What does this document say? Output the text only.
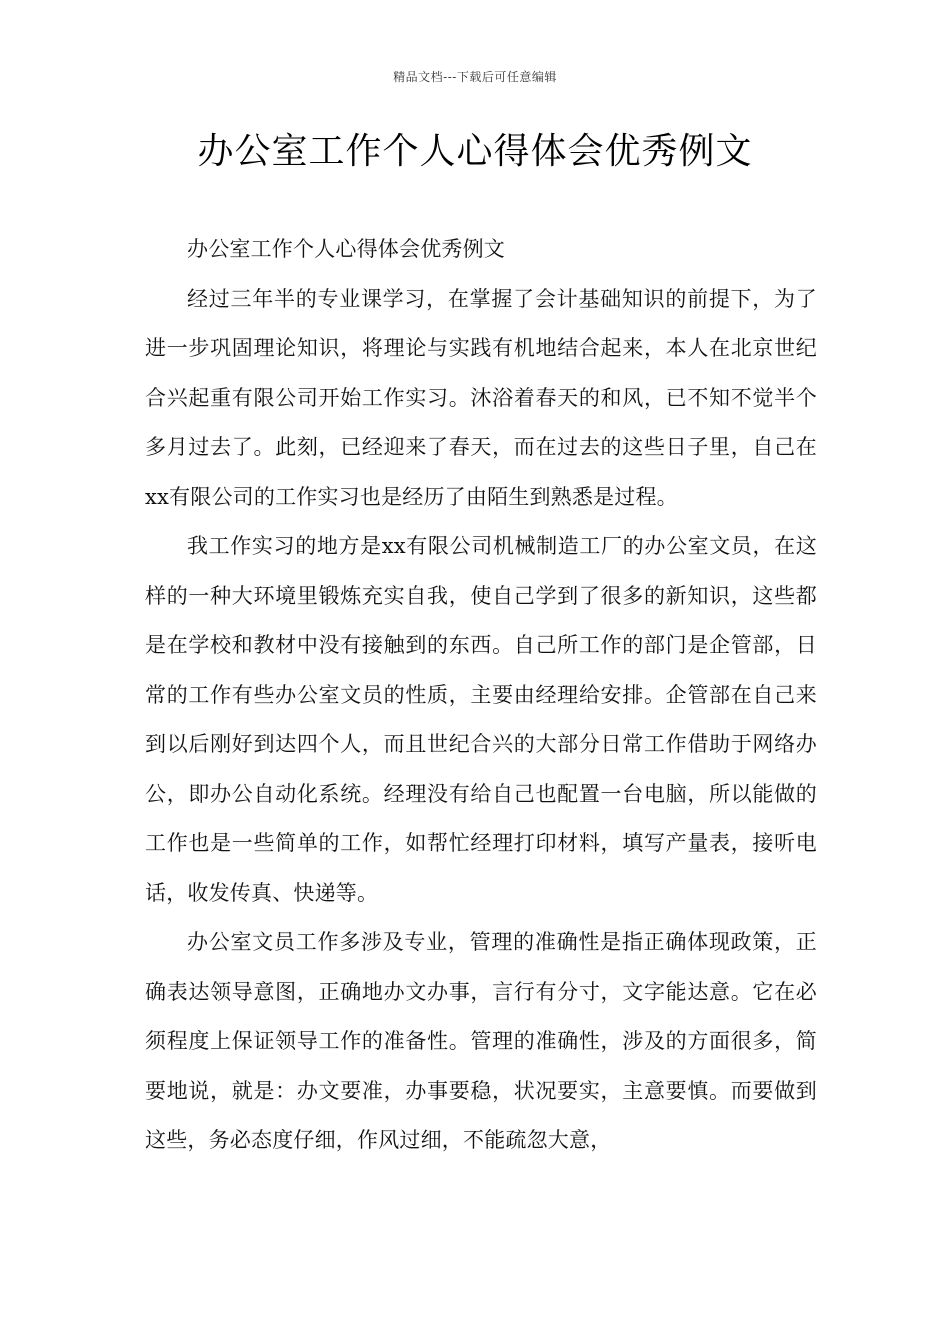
精品文档---下载后可任意编辑
办公室工作个人心得体会优秀例文

办公室工作个人心得体会优秀例文

经过三年半的专业课学习，在掌握了会计基础知识的前提下，为了进一步巩固理论知识，将理论与实践有机地结合起来，本人在北京世纪合兴起重有限公司开始工作实习。沐浴着春天的和风，已不知不觉半个多月过去了。此刻，已经迎来了春天，而在过去的这些日子里，自己在xx有限公司的工作实习也是经历了由陌生到熟悉是过程。

我工作实习的地方是xx有限公司机械制造工厂的办公室文员，在这样的一种大环境里锻炼充实自我，使自己学到了很多的新知识，这些都是在学校和教材中没有接触到的东西。自己所工作的部门是企管部，日常的工作有些办公室文员的性质，主要由经理给安排。企管部在自己来到以后刚好到达四个人，而且世纪合兴的大部分日常工作借助于网络办公，即办公自动化系统。经理没有给自己也配置一台电脑，所以能做的工作也是一些简单的工作，如帮忙经理打印材料，填写产量表，接听电话，收发传真、快递等。

办公室文员工作多涉及专业，管理的准确性是指正确体现政策，正确表达领导意图，正确地办文办事，言行有分寸，文字能达意。它在必须程度上保证领导工作的准备性。管理的准确性，涉及的方面很多，简要地说，就是：办文要准，办事要稳，状况要实，主意要慎。而要做到这些，务必态度仔细，作风过细，不能疏忽大意，
